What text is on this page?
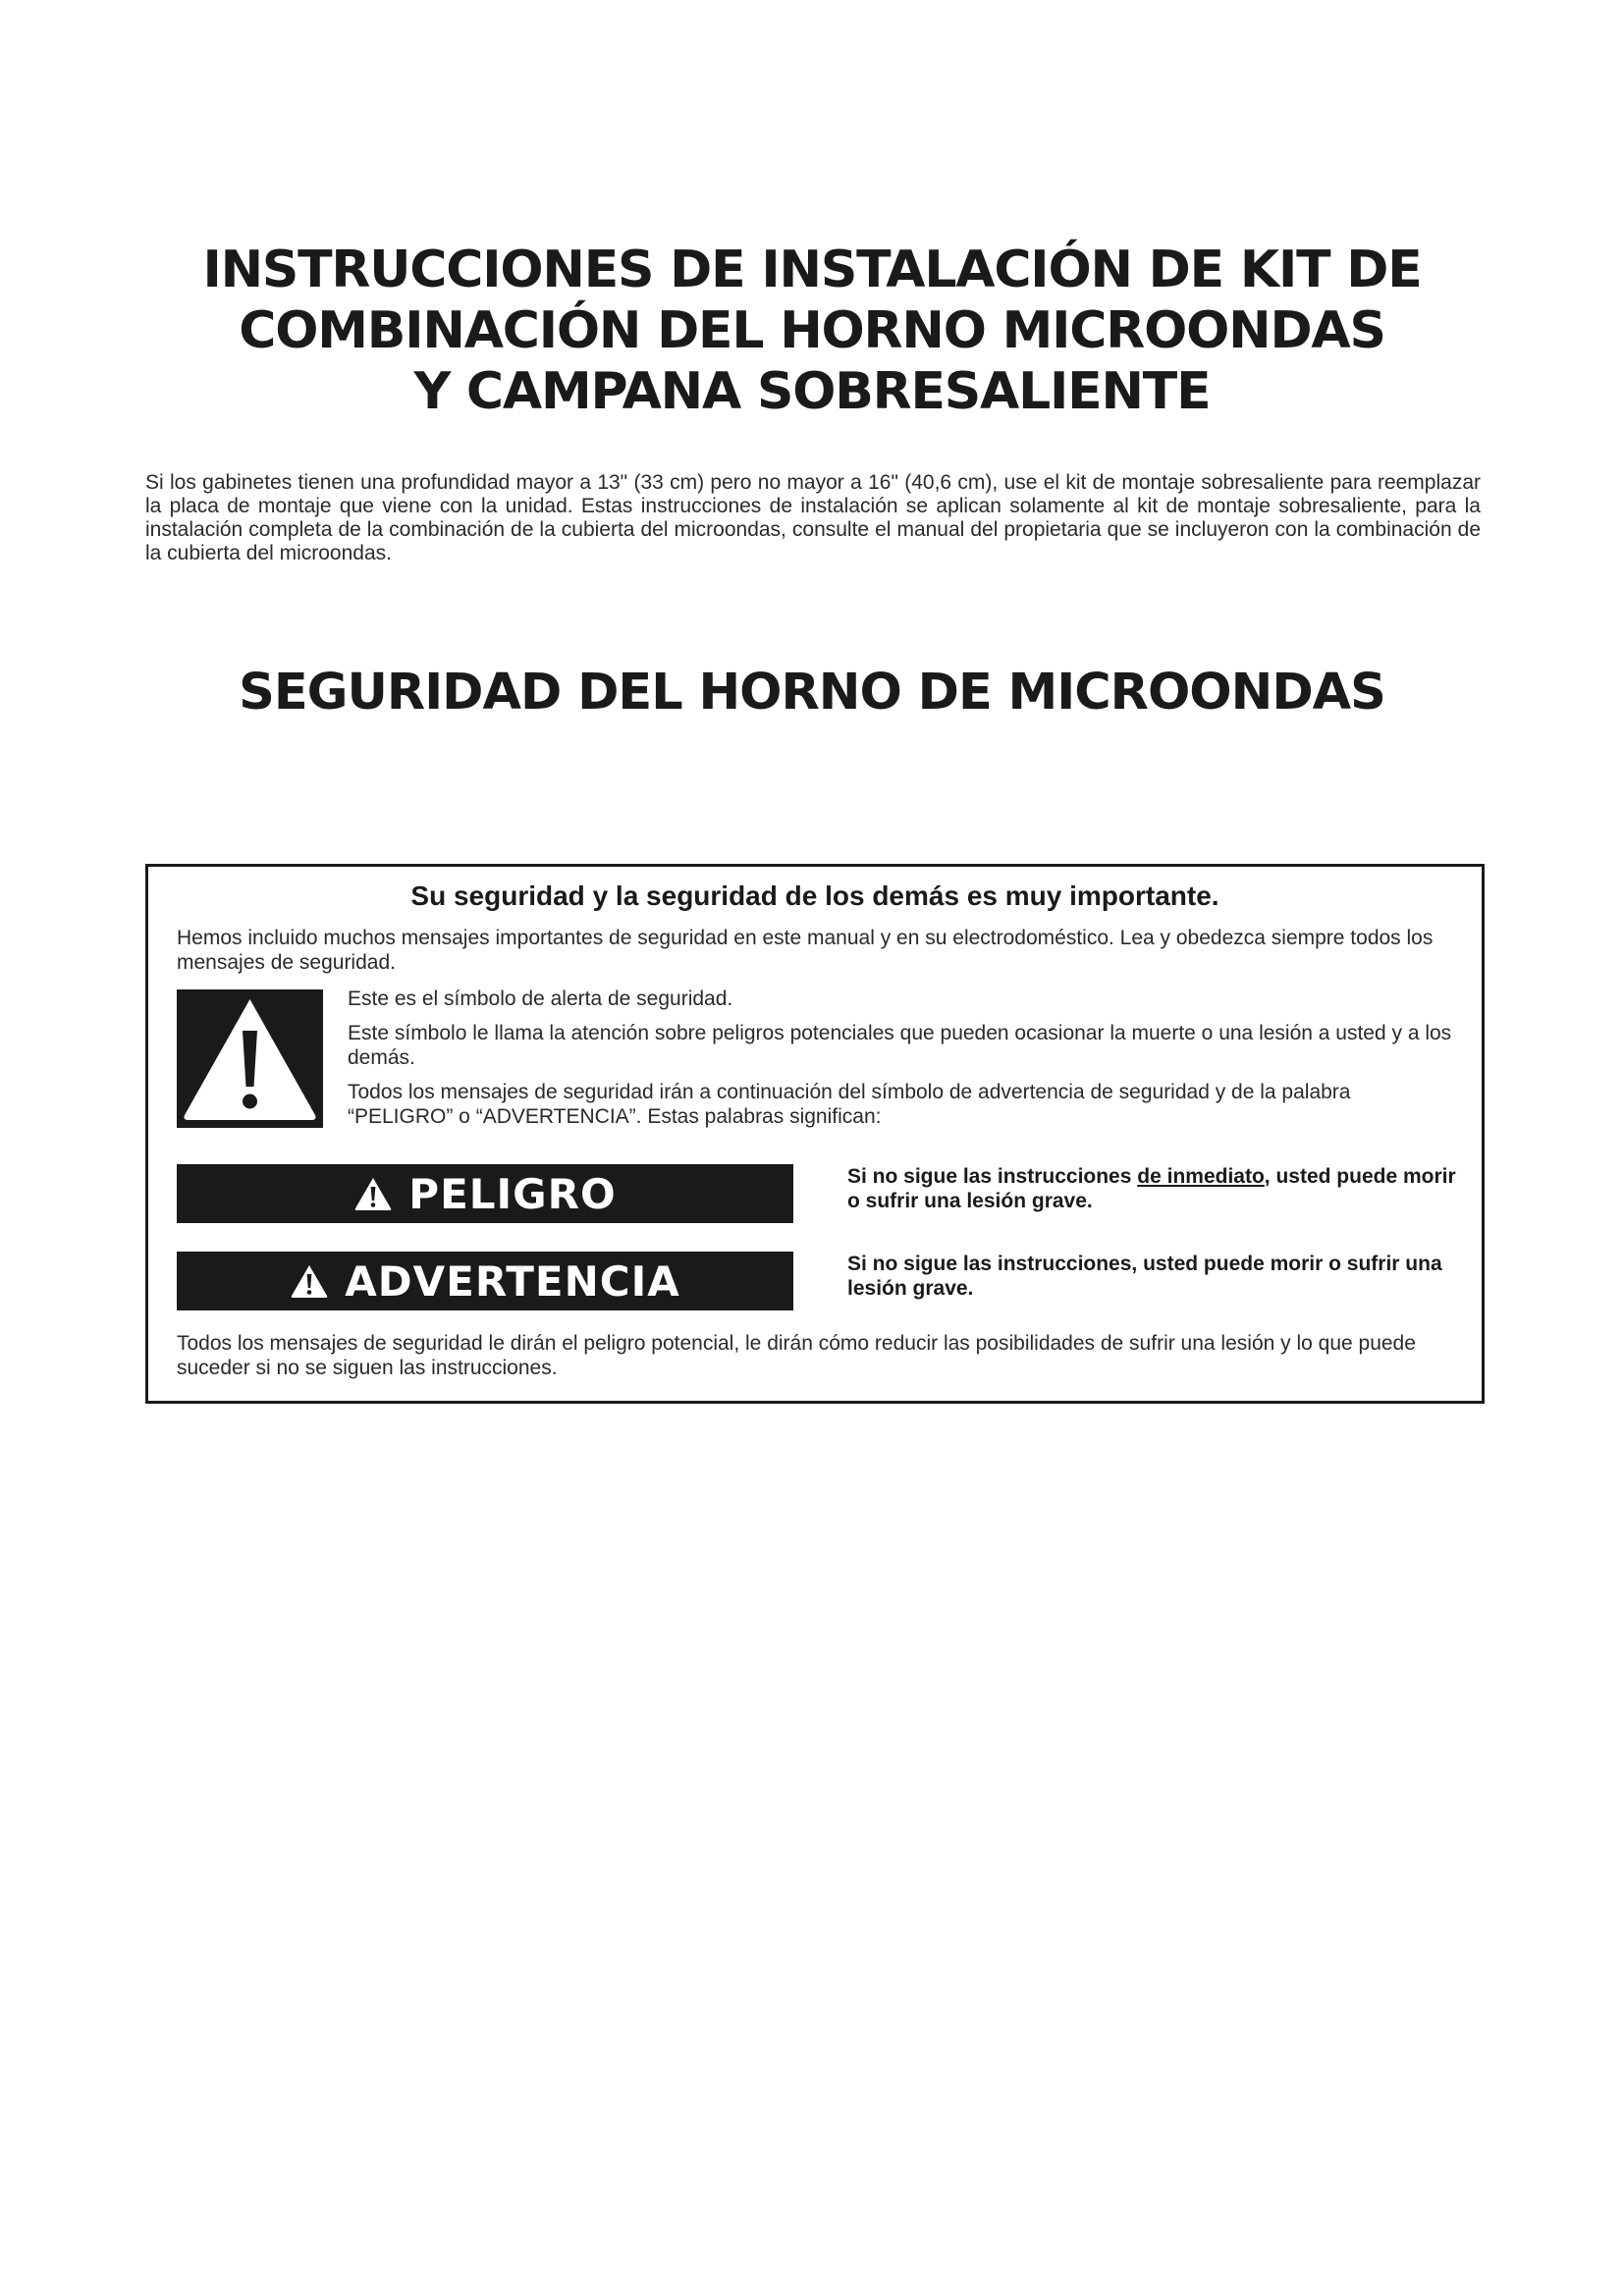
INSTRUCCIONES DE INSTALACIÓN DE KIT DE
COMBINACIÓN DEL HORNO MICROONDAS
Y CAMPANA SOBRESALIENTE

Si los gabinetes tienen una profundidad mayor a 13" (33 cm) pero no mayor a 16" (40,6 cm), use el kit de montaje sobresaliente para reemplazar la placa de montaje que viene con la unidad. Estas instrucciones de instalación se aplican solamente al kit de montaje sobresaliente, para la instalación completa de la combinación de la cubierta del microondas, consulte el manual del propietaria que se incluyeron con la combinación de la cubierta del microondas.

SEGURIDAD DEL HORNO DE MICROONDAS
Su seguridad y la seguridad de los demás es muy importante.

Hemos incluido muchos mensajes importantes de seguridad en este manual y en su electrodoméstico. Lea y obedezca siempre todos los mensajes de seguridad.

Este es el símbolo de alerta de seguridad.

Este símbolo le llama la atención sobre peligros potenciales que pueden ocasionar la muerte o una lesión a usted y a los demás.

Todos los mensajes de seguridad irán a continuación del símbolo de advertencia de seguridad y de la palabra “PELIGRO” o “ADVERTENCIA”. Estas palabras significan:

PELIGRO	Si no sigue las instrucciones de inmediato, usted puede morir o sufrir una lesión grave.

ADVERTENCIA	Si no sigue las instrucciones, usted puede morir o sufrir una lesión grave.

Todos los mensajes de seguridad le dirán el peligro potencial, le dirán cómo reducir las posibilidades de sufrir una lesión y lo que puede suceder si no se siguen las instrucciones.
